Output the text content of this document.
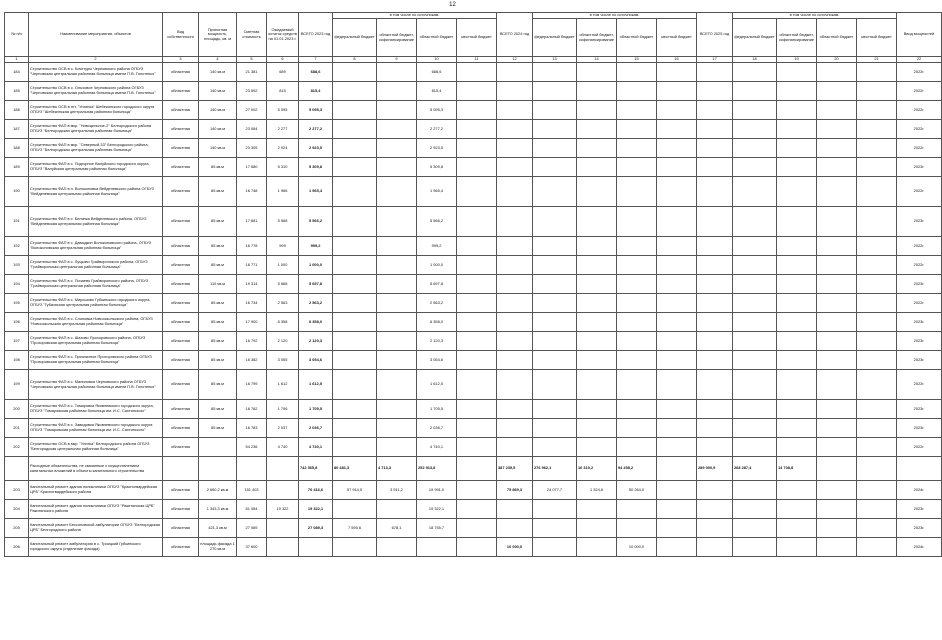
12
№ п/п	Наименование мероприятия, объектов	Вид собственности	Проектная мощность, площадь, кв. м	Сметная стоимость	Ожидаемый остаток средств на 01.01.2023 г.	ВСЕГО 2023 год	в том числе по источникам:				ВСЕГО 2024 год	в том числе по источникам:				ВСЕГО 2025 год	в том числе по источникам:				Ввод мощностей
							федеральный бюджет	областной бюджет, софинансирование	областной бюджет	местный бюджет		федеральный бюджет	областной бюджет, софинансирование	областной бюджет	местный бюджет		федеральный бюджет	областной бюджет, софинансирование	областной бюджет	местный бюджет	
1	2	3	4	5	6	7	8	9	10	11	12	13	14	15	16	17	18	19	20	21	22
184	Строительство ОСВ в с. Кочетуры Черновского района ОГБУЗ "Черновская центральная районная больница имени П.В. Голотенко"	областная	140 кв.м	21 381	689	688,6			688,6												2022г.
185	Строительство ОСВ в с. Ольховое Черновского района ОГБУЗ "Черновская центральная районная больница имени П.В. Голотенко"	областная	140 кв.м	23 592	815	815,4			815,4												2022г.
186	Строительство ОСВ в пгт. "Углинка" Шебекинского городского округа ОГБУЗ "Шебекинская центральная районная больница"	областная	140 кв.м	27 002	5 095	5 095,3			5 095,3												2022г.
187	Строительство ФАП в мкр. "Новоцельное-2" Белгородского района ОГБУЗ "Белгородская центральная районная больница"	областная	140 кв.м	23 084	2 277	2 277,2			2 277,2												2022г.
188	Строительство ФАП в мкр. "Северный-33" Белгородского района, ОГБУЗ "Белгородская центральная районная больница"	областная	140 кв.м	23 305	2 924	2 923,5			2 923,5												2022г.
189	Строительство ФАП в с. Подгорное Валуйского городского округа, ОГБУЗ "Валуйская центральная районная больница"	областная	85 кв.м	17 680	5 310	5 309,8			5 309,8												2023г.
190	Строительство ФАП в п. Волоконовка Вейделевского района ОГБУЗ "Вейделевская центральная районная больница"	областная	85 кв.м	16 748	1 966	1 965,4			1 965,4												2022г.
191	Строительство ФАП в с. Белянка Вейделевского района, ОГБУЗ "Вейделевская центральная районная больница"	областная	85 кв.м	17 681	5 568	5 566,2			5 566,2												2023г.
192	Строительство ФАП в с. Давыдкин Волоконовского района, ОГБУЗ "Волоконовская центральная районная больница"	областная	85 кв.м	16 778	999	999,2			999,2												2022г.
193	Строительство ФАП в с. Луцково Грайворонского района, ОГБУЗ "Грайворонская центральная районная больница"	областная	85 кв.м	16 771	1 000	1 000,0			1 000,0												2022г.
194	Строительство ФАП в с. Почаево Грайворонского района, ОГБУЗ "Грайворонская центральная районная больница"	областная	110 кв.м	19 314	5 668	5 697,8			5 697,8												2023г.
195	Строительство ФАП в с. Мирошово Губкинского городского округа, ОГБУЗ "Губкинская центральная районная больница"	областная	85 кв.м	16 734	2 563	2 563,2			2 563,2												2022г.
196	Строительство ФАП в с. Слоновка Новооскольского района, ОГБУЗ "Новооскольская центральная районная больница"	областная	85 кв.м	17 900	6 358	6 358,0			6 358,0												2023г.
197	Строительство ФАП в с. Шахово Прохоровского района, ОГБУЗ "Прохоровская центральная районная больница"	областная	85 кв.м	16 792	2 120	2 120,3			2 120,3												2023г.
198	Строительство ФАП в с. Призначное Прохоровского района ОГБУЗ "Прохоровская центральная районная больница"	областная	85 кв.м	16 382	3 055	3 054,6			3 054,6												2023г.
199	Строительство ФАП в с. Малиновка Черновского района ОГБУЗ "Черновская центральная районная больница имени П.В. Голотенко"	областная	85 кв.м	16 799	1 612	1 612,5			1 612,5												2022г.
200	Строительство ФАП в с. Томаровка Яковлевского городского округа, ОГБУЗ "Томаровская районная больница им. И.С. Сахтинского"	областная	85 кв.м	16 762	1 706	1 705,5			1 705,5												2023г.
201	Строительство ФАП в с. Завидовка Яковлевского городского округа ОГБУЗ "Томаровская районная больница им. И.С. Сахтинского"	областная	85 кв.м	16 783	2 037	2 036,7			2 036,7												2023г.
202	Строительство ОСВ в мкр. "Улитка" Белгородского района ОГБУЗ "Белгородская центральная районная больница"	областная		54 236	4 740	4 740,1			4 740,1												2022г.
	Расходные обязательства, не связанные с осуществлением капитальных вложений в объекты капитального строительства					742 365,8	80 481,3	4 713,3	252 913,8		387 235,5	276 962,1	16 310,2	94 458,2		289 000,9	268 287,4	14 708,8			
203	Капитальный ремонт здания поликлиники ОГБУЗ "Красногвардейская ЦРБ" Красногвардейского района	областная	2 660,2 кв.м	151 403		76 416,6	57 914,5	3 511,2	19 991,0		75 869,3	24 077,7	1 324,6	50 264,0							2024г.
204	Капитальный ремонт здания поликлиники ОГБУЗ "Ракитянская ЦРБ" Ракитянского района	областная	1 343,3 кв.м	81 084	19 322	19 322,1			19 322,1												2023г.
205	Капитальный ремонт Бессоновской амбулатории ОГБУЗ "Белгородская ЦРБ" Белгородского района	областная	421,3 кв.м	27 089		27 089,3	7 595,6	678,1	18 755,7												2023г.
206	Капитальный ремонт амбулатории в с. Троицкий Губкинского городского округа (отделение фасада)	областная	площадь фасада 1 270 кв.м	37 600							10 000,0			10 000,0							2024г.
